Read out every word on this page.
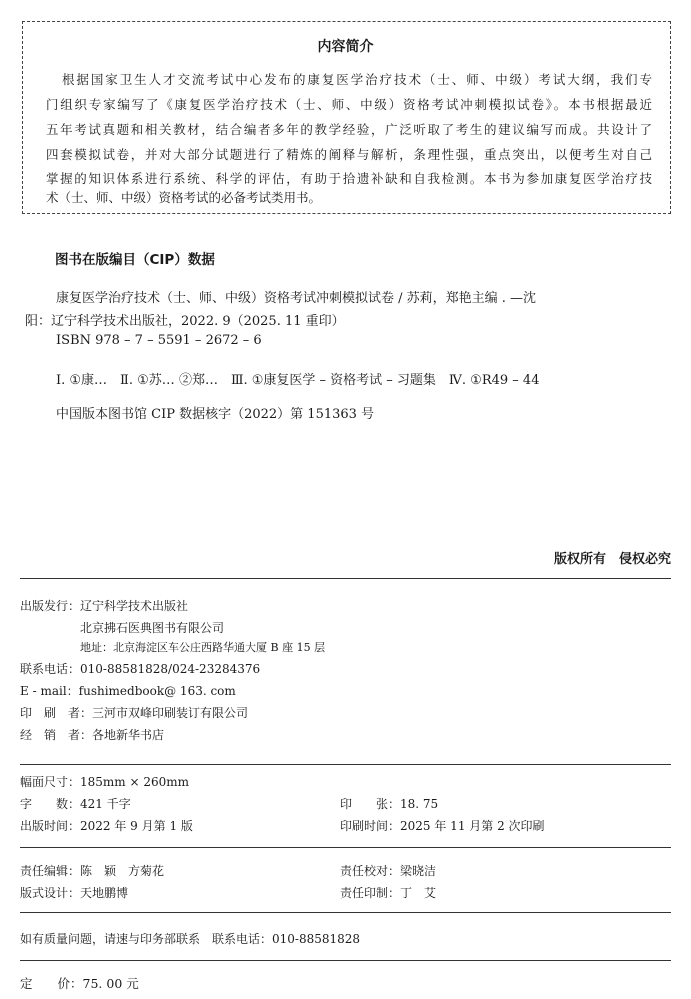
内容简介
根据国家卫生人才交流考试中心发布的康复医学治疗技术（士、师、中级）考试大纲，我们专
门组织专家编写了《康复医学治疗技术（士、师、中级）资格考试冲刺模拟试卷》。本书根据最近
五年考试真题和相关教材，结合编者多年的教学经验，广泛听取了考生的建议编写而成。共设计了
四套模拟试卷，并对大部分试题进行了精炼的阐释与解析，条理性强，重点突出，以便考生对自己
掌握的知识体系进行系统、科学的评估，有助于拾遗补缺和自我检测。本书为参加康复医学治疗技
术（士、师、中级）资格考试的必备考试类用书。
图书在版编目（CIP）数据
康复医学治疗技术（士、师、中级）资格考试冲刺模拟试卷 / 苏莉，郑艳主编 . —沈
阳：辽宁科学技术出版社，2022. 9（2025. 11 重印）
ISBN 978 – 7 – 5591 – 2672 – 6
Ⅰ. ①康…　Ⅱ. ①苏… ②郑…　Ⅲ. ①康复医学 – 资格考试 – 习题集　Ⅳ. ①R49 – 44
中国版本图书馆 CIP 数据核字（2022）第 151363 号
版权所有　侵权必究
出版发行：辽宁科学技术出版社
北京拂石医典图书有限公司
地址：北京海淀区车公庄西路华通大厦 B 座 15 层
联系电话：010-88581828/024-23284376
E - mail：fushimedbook@ 163. com
印　刷　者：三河市双峰印刷装订有限公司
经　销　者：各地新华书店
幅面尺寸：185mm × 260mm
字　　数：421 千字	印　　张：18. 75
出版时间：2022 年 9 月第 1 版	印刷时间：2025 年 11 月第 2 次印刷
责任编辑：陈　颖　方菊花	责任校对：梁晓洁
版式设计：天地鹏博	责任印制：丁　艾
如有质量问题，请速与印务部联系　联系电话：010-88581828
定　　价：75. 00 元
